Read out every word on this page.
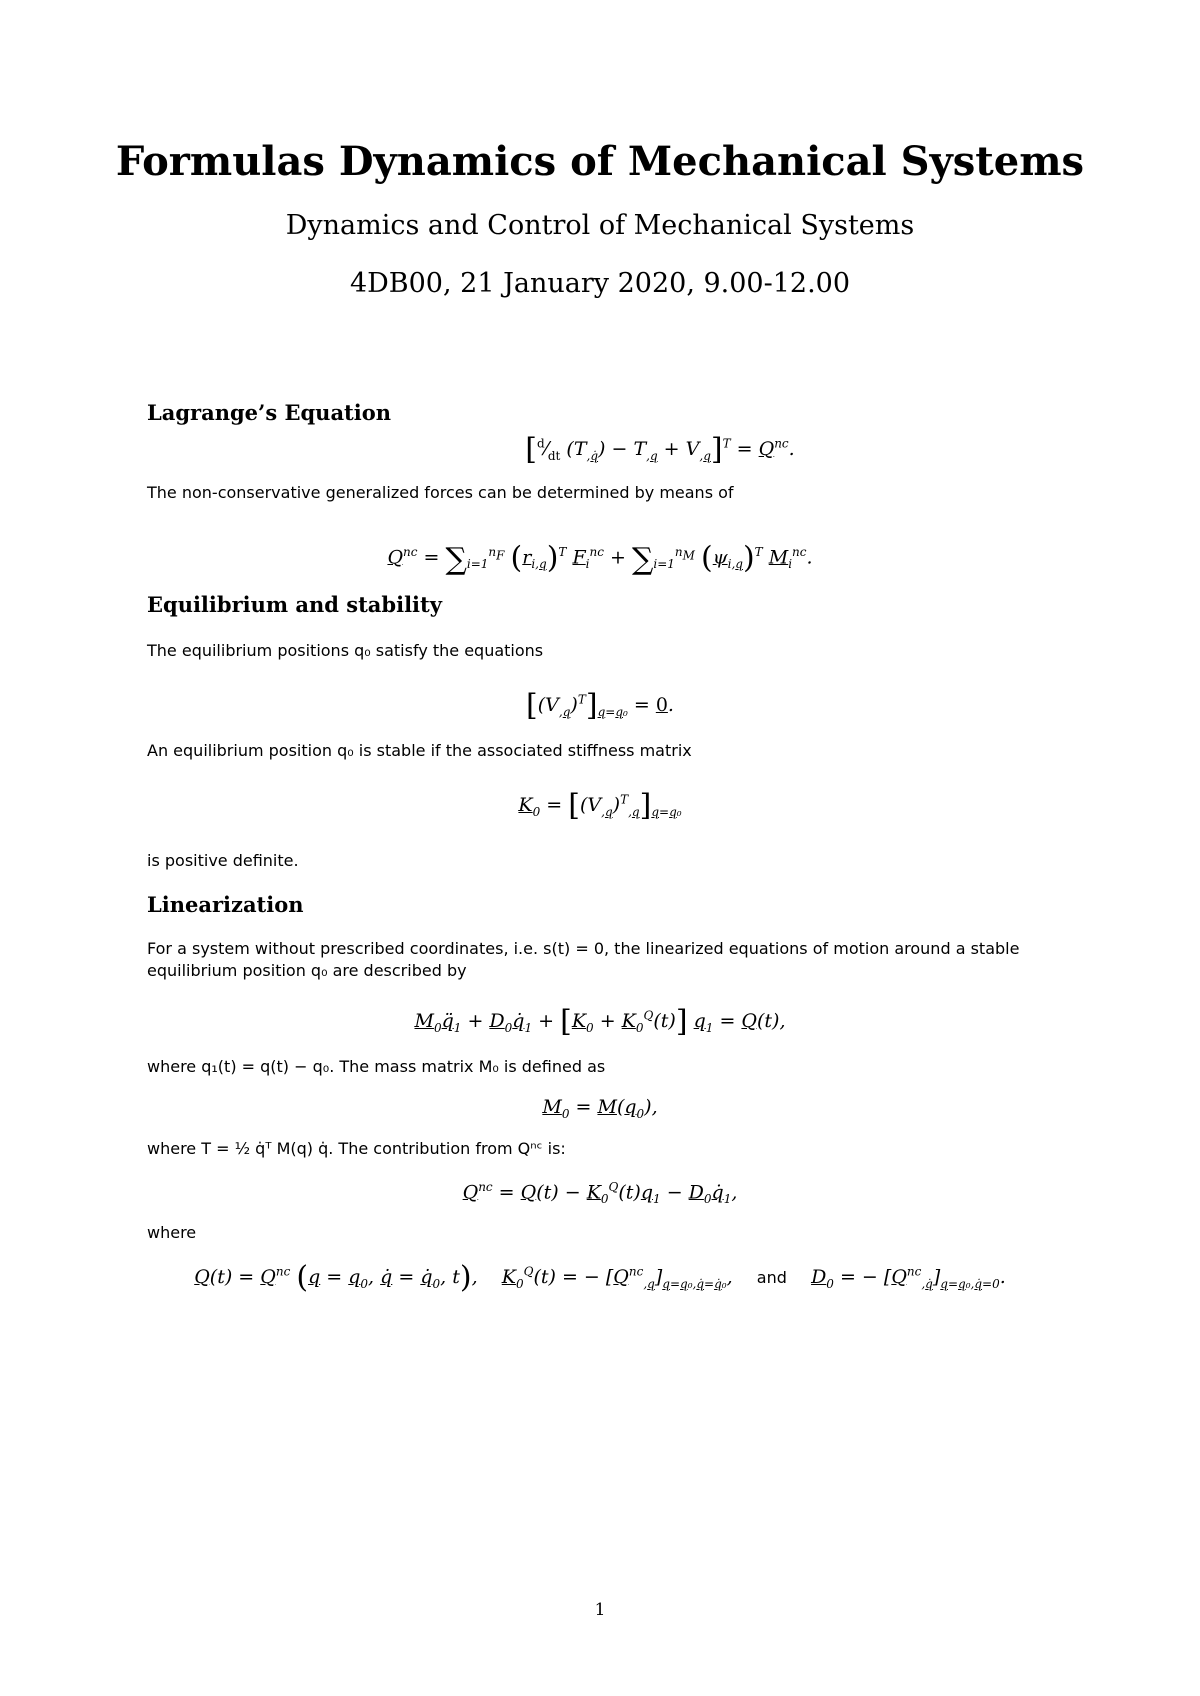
Formulas Dynamics of Mechanical Systems
Dynamics and Control of Mechanical Systems
4DB00, 21 January 2020, 9.00-12.00
Lagrange’s Equation
[$^d⁄_{dt}$ $(T_{,q̇}) - T_{,q} + V_{,q}]^T = Q^{nc}$.
The non-conservative generalized forces can be determined by means of
$Q^{nc} = \sum_{i=1}^{n_F}$ $(r_{i,q})^T$ $F_i^{nc} + \sum_{i=1}^{n_M}$ $(\psi_{i,q})^T$ $M_i^{nc}$.
Equilibrium and stability
The equilibrium positions q₀ satisfy the equations
$[(V_{,q})^T]_{q=q_0} = 0$.
An equilibrium position q₀ is stable if the associated stiffness matrix
$K_0 = [(V_{,q})^T_{,q}]_{q=q_0}$
is positive definite.
Linearization
For a system without prescribed coordinates, i.e. s(t) = 0, the linearized equations of motion around a stable equilibrium position q₀ are described by
$M_0q̈_1$ + $D_0q̇_1 + [K_0 + K_0^Q(t)] q_1 = Q(t)$,
where q₁(t) = q(t) − q₀. The mass matrix M₀ is defined as
$M_0 = M(q_0)$,
where T = ½ q̇ᵀ M(q) q̇. The contribution from Qⁿᶜ is:
$Q^{nc} = Q(t) - K_0^Q(t)q_1$ − $D_0q̇_1$,
where
$Q(t) = Q^{nc}$ ($q = q_0$, q̇ = $q̇_0$, t),    $K_0^Q(t)$ = − $[Q^{nc}_{,q}]_{q=q_0,q̇=q̇_0}$,    and $D_0$ = − $[Q^{nc}_{,q̇}]_{q=q_0,q̇=0}$.
1
